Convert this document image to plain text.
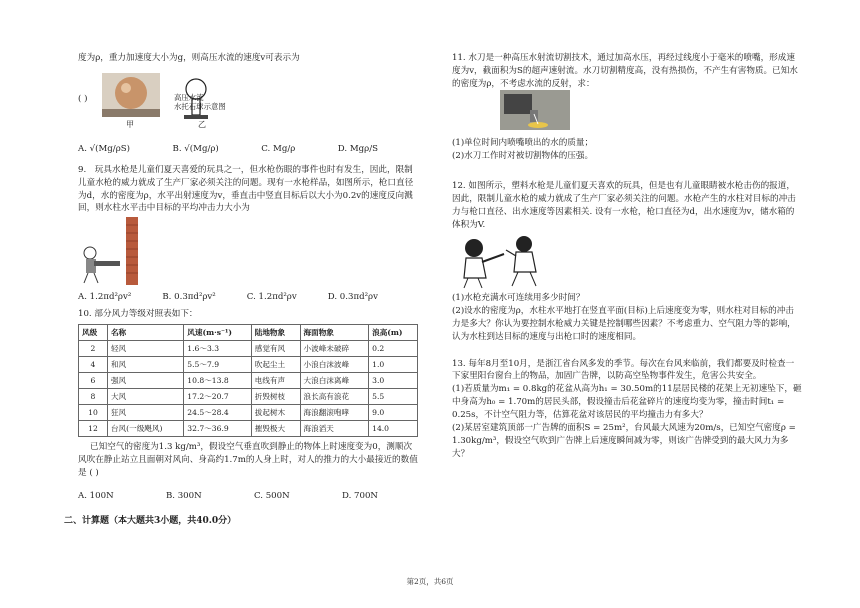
度为ρ，重力加速度大小为g，则高压水流的速度v可表示为

( )
甲
高压水流
水托石球示意图
乙
A. √(Mg/ρS)	B. √(Mg/ρ)	C. Mg/ρ	D. Mgρ/S

9.　玩具水枪是儿童们夏天喜爱的玩具之一，但水枪伤眼的事件也时有发生，因此，限制儿童水枪的威力就成了生产厂家必须关注的问题。现有一水枪样品，如图所示，枪口直径为d，水的密度为ρ，水平出射速度为v，垂直击中竖直目标后以大小为0.2v的速度反向溅回，则水柱水平击中目标的平均冲击力大小为

A. 1.2πd²ρv²	B. 0.3πd²ρv²	C. 1.2πd²ρv	D. 0.3πd²ρv

10. 部分风力等级对照表如下：

风级	名称	风速(m·s⁻¹)	陆地物象	海面物象	浪高(m)
2	轻风	1.6～3.3	感觉有风	小波峰未破碎	0.2
4	和风	5.5～7.9	吹起尘土	小浪白沫波峰	1.0
6	强风	10.8～13.8	电线有声	大浪白沫离峰	3.0
8	大风	17.2～20.7	折毁树枝	浪长高有浪花	5.5
10	狂风	24.5～28.4	拔起树木	海浪翻滚咆哮	9.0
12	台风(一级飓风)	32.7～36.9	摧毁极大	海浪滔天	14.0

已知空气的密度为1.3 kg/m³，假设空气垂直吹到静止的物体上时速度变为0，测顺次风吹在静止站立且面朝对风向、身高约1.7m的人身上时，对人的推力的大小最接近的数值是 ( )

A. 100N	B. 300N	C. 500N	D. 700N

二、计算题（本大题共3小题，共40.0分）

11. 水刀是一种高压水射流切割技术，通过加高水压，再经过线度小于毫米的喷嘴，形成速度为v，截面积为S的超声速射流。水刀切割精度高，没有热损伤，不产生有害物质。已知水的密度为ρ，不考虑水流的反射，求：

(1)单位时间内喷嘴喷出的水的质量；

(2)水刀工作时对被切割物体的压强。

12. 如图所示，塑料水枪是儿童们夏天喜欢的玩具，但是也有儿童眼睛被水枪击伤的报道，因此，限制儿童水枪的威力就成了生产厂家必须关注的问题。水枪产生的水柱对目标的冲击力与枪口直径、出水速度等因素相关. 设有一水枪，枪口直径为d，出水速度为v，储水箱的体积为V.

(1)水枪充满水可连续用多少时间？

(2)设水的密度为ρ，水柱水平地打在竖直平面(目标)上后速度变为零，则水柱对目标的冲击力是多大？你认为要控制水枪威力关键是控制哪些因素？不考虑重力、空气阻力等的影响，认为水柱到达目标的速度与出枪口时的速度相同。

13. 每年8月至10月，是浙江省台风多发的季节。每次在台风来临前，我们都要及时检查一下家里阳台窗台上的物品，加固广告牌，以防高空坠物事件发生，危害公共安全。

(1)若质量为m₁ = 0.8kg的花盆从高为h₁ = 30.50m的11层居民楼的花架上无初速坠下，砸中身高为h₀ = 1.70m的居民头部，假设撞击后花盆碎片的速度均变为零，撞击时间t₁ = 0.25s，不计空气阻力等，估算花盆对该居民的平均撞击力有多大？

(2)某居室建筑顶部一广告牌的面积S = 25m²，台风最大风速为20m/s，已知空气密度ρ = 1.30kg/m³，假设空气吹到广告牌上后速度瞬间减为零，则该广告牌受到的最大风力为多大？

第2页，共6页
